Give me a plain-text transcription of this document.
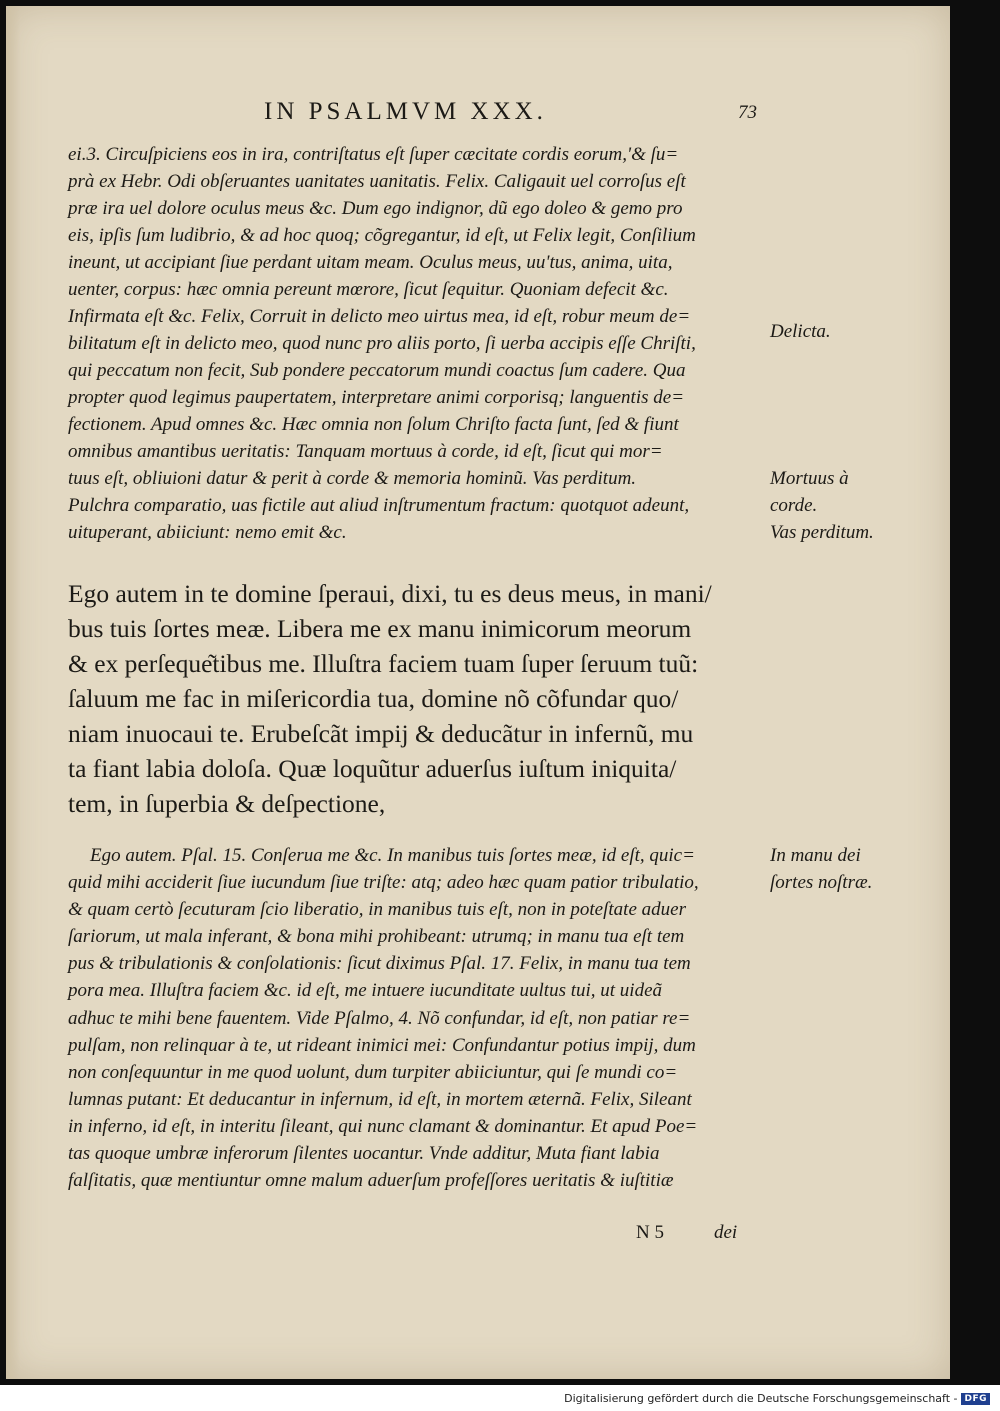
IN PSALMVM XXX.	73
ei.3. Circuſpiciens eos in ira, contriſtatus eſt ſuper cæcitate cordis eorum,'& ſu=
prà ex Hebr. Odi obſeruantes uanitates uanitatis. Felix. Caligauit uel corroſus eſt
præ ira uel dolore oculus meus &c. Dum ego indignor, dũ ego doleo & gemo pro
eis, ipſis ſum ludibrio, & ad hoc quoq; cõgregantur, id eſt, ut Felix legit, Conſilium
ineunt, ut accipiant ſiue perdant uitam meam. Oculus meus, uu'tus, anima, uita,
uenter, corpus: hæc omnia pereunt mœrore, ſicut ſequitur. Quoniam defecit &c.
Infirmata eſt &c. Felix, Corruit in delicto meo uirtus mea, id eſt, robur meum de=
bilitatum eſt in delicto meo, quod nunc pro aliis porto, ſi uerba accipis eſſe Chriſti,
qui peccatum non fecit, Sub pondere peccatorum mundi coactus ſum cadere. Qua
propter quod legimus paupertatem, interpretare animi corporisq; languentis de=
fectionem. Apud omnes &c. Hæc omnia non ſolum Chriſto facta ſunt, ſed & fiunt
omnibus amantibus ueritatis: Tanquam mortuus à corde, id eſt, ſicut qui mor=
tuus eſt, obliuioni datur & perit à corde & memoria hominũ. Vas perditum.
Pulchra comparatio, uas fictile aut aliud inſtrumentum fractum: quotquot adeunt,
uituperant, abiiciunt: nemo emit &c.
Ego autem in te domine ſperaui, dixi, tu es deus meus, in mani/
bus tuis ſortes meæ. Libera me ex manu inimicorum meorum
& ex perſeque͂tibus me. Illuſtra faciem tuam ſuper ſeruum tuũ:
ſaluum me fac in miſericordia tua, domine nõ cõfundar quo/
niam inuocaui te. Erubeſcãt impij & deducãtur in infernũ, mu
ta fiant labia doloſa. Quæ loquũtur aduerſus iuſtum iniquita/
tem, in ſuperbia & deſpectione,
Ego autem. Pſal. 15. Conſerua me &c. In manibus tuis ſortes meæ, id eſt, quic=
quid mihi acciderit ſiue iucundum ſiue triſte: atq; adeo hæc quam patior tribulatio,
& quam certò ſecuturam ſcio liberatio, in manibus tuis eſt, non in poteſtate aduer
ſariorum, ut mala inferant, & bona mihi prohibeant: utrumq; in manu tua eſt tem
pus & tribulationis & conſolationis: ſicut diximus Pſal. 17. Felix, in manu tua tem
pora mea. Illuſtra faciem &c. id eſt, me intuere iucunditate uultus tui, ut uideã
adhuc te mihi bene fauentem. Vide Pſalmo, 4. Nõ confundar, id eſt, non patiar re=
pulſam, non relinquar à te, ut rideant inimici mei: Confundantur potius impij, dum
non conſequuntur in me quod uolunt, dum turpiter abiiciuntur, qui ſe mundi co=
lumnas putant: Et deducantur in infernum, id eſt, in mortem æternã. Felix, Sileant
in inferno, id eſt, in interitu ſileant, qui nunc clamant & dominantur. Et apud Poe=
tas quoque umbræ inferorum ſilentes uocantur. Vnde additur, Muta fiant labia
falſitatis, quæ mentiuntur omne malum aduerſum profeſſores ueritatis & iuſtitiæ
Delicta.
Mortuus à
corde.
Vas perditum.
In manu dei
ſortes noſtræ.
N 5	dei
Digitalisierung gefördert durch die Deutsche Forschungsgemeinschaft - DFG
